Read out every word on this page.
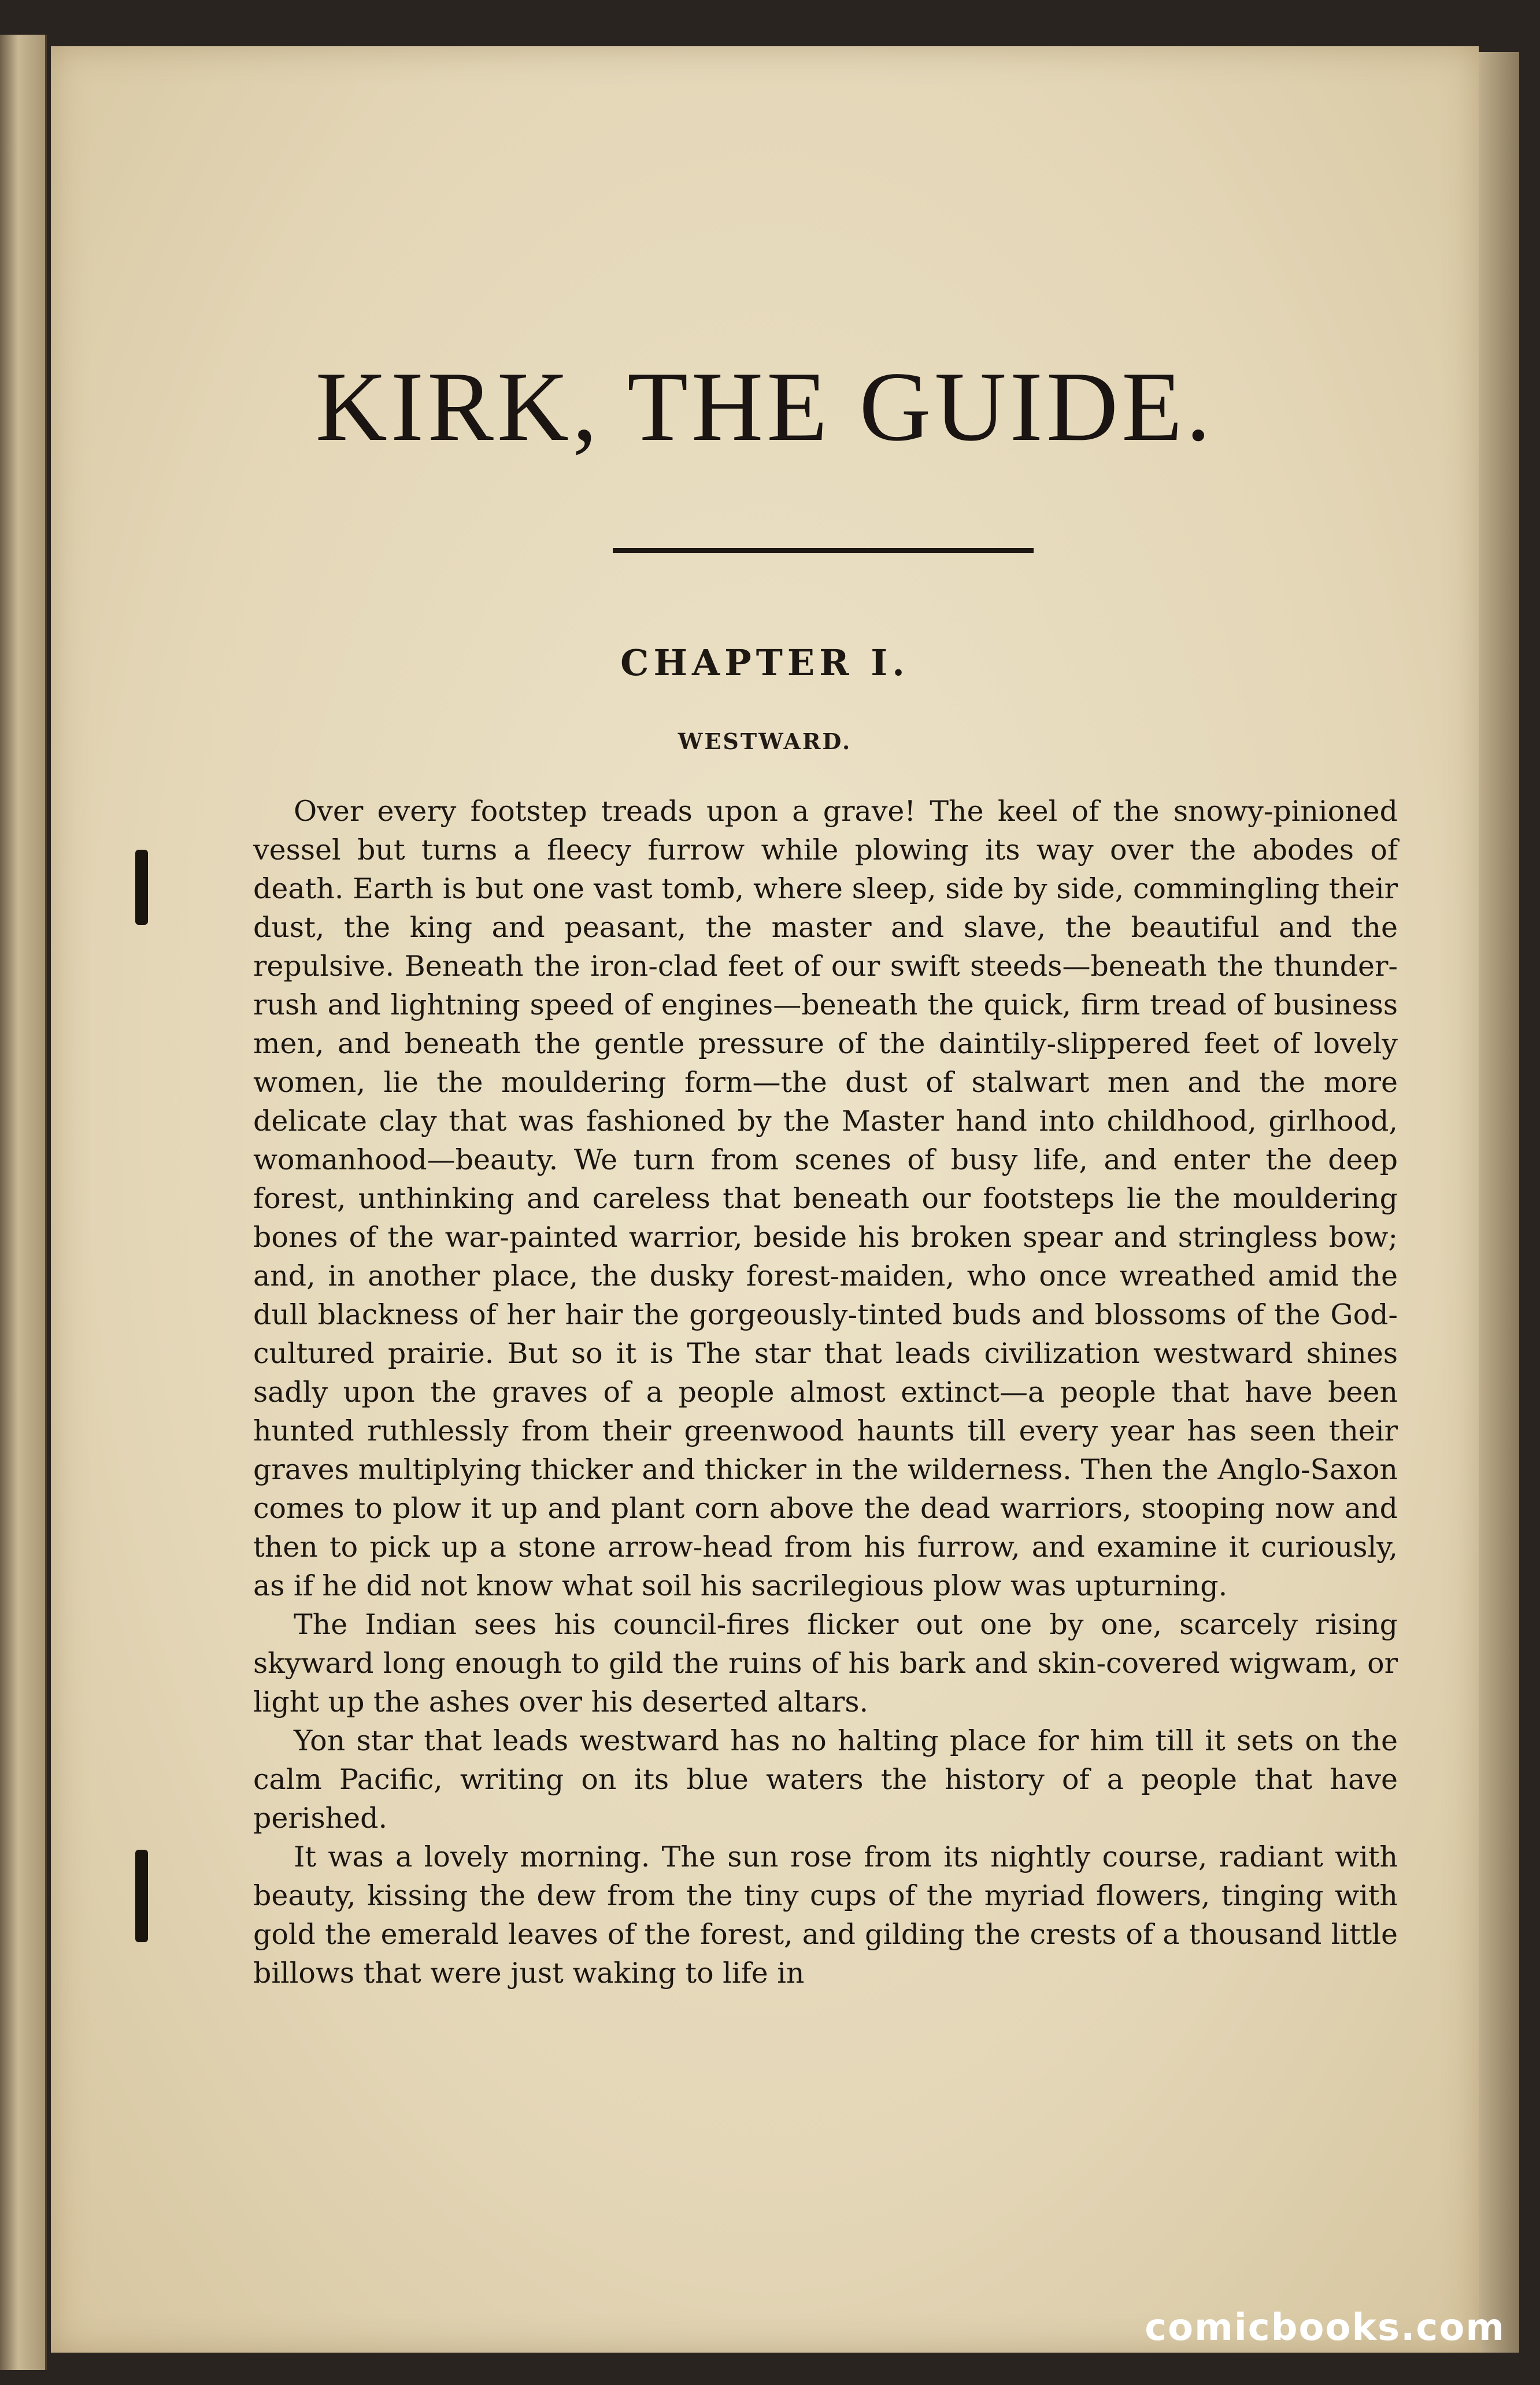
KIRK, THE GUIDE.
CHAPTER I.
WESTWARD.

Over every footstep treads upon a grave! The keel of the snowy-pinioned vessel but turns a fleecy furrow while plowing its way over the abodes of death. Earth is but one vast tomb, where sleep, side by side, commingling their dust, the king and peasant, the master and slave, the beautiful and the repulsive. Beneath the iron-clad feet of our swift steeds—beneath the thunder-rush and lightning speed of engines—beneath the quick, firm tread of business men, and beneath the gentle pressure of the daintily-slippered feet of lovely women, lie the mouldering form—the dust of stalwart men and the more delicate clay that was fashioned by the Master hand into childhood, girlhood, womanhood—beauty. We turn from scenes of busy life, and enter the deep forest, unthinking and careless that beneath our footsteps lie the mouldering bones of the war-painted warrior, beside his broken spear and stringless bow; and, in another place, the dusky forest-maiden, who once wreathed amid the dull blackness of her hair the gorgeously-tinted buds and blossoms of the God-cultured prairie. But so it is The star that leads civilization westward shines sadly upon the graves of a people almost extinct—a people that have been hunted ruthlessly from their greenwood haunts till every year has seen their graves multiplying thicker and thicker in the wilderness. Then the Anglo-Saxon comes to plow it up and plant corn above the dead warriors, stooping now and then to pick up a stone arrow-head from his furrow, and examine it curiously, as if he did not know what soil his sacrilegious plow was upturning.

The Indian sees his council-fires flicker out one by one, scarcely rising skyward long enough to gild the ruins of his bark and skin-covered wigwam, or light up the ashes over his deserted altars.

Yon star that leads westward has no halting place for him till it sets on the calm Pacific, writing on its blue waters the history of a people that have perished.

It was a lovely morning. The sun rose from its nightly course, radiant with beauty, kissing the dew from the tiny cups of the myriad flowers, tinging with gold the emerald leaves of the forest, and gilding the crests of a thousand little billows that were just waking to life in

comicbooks.com
